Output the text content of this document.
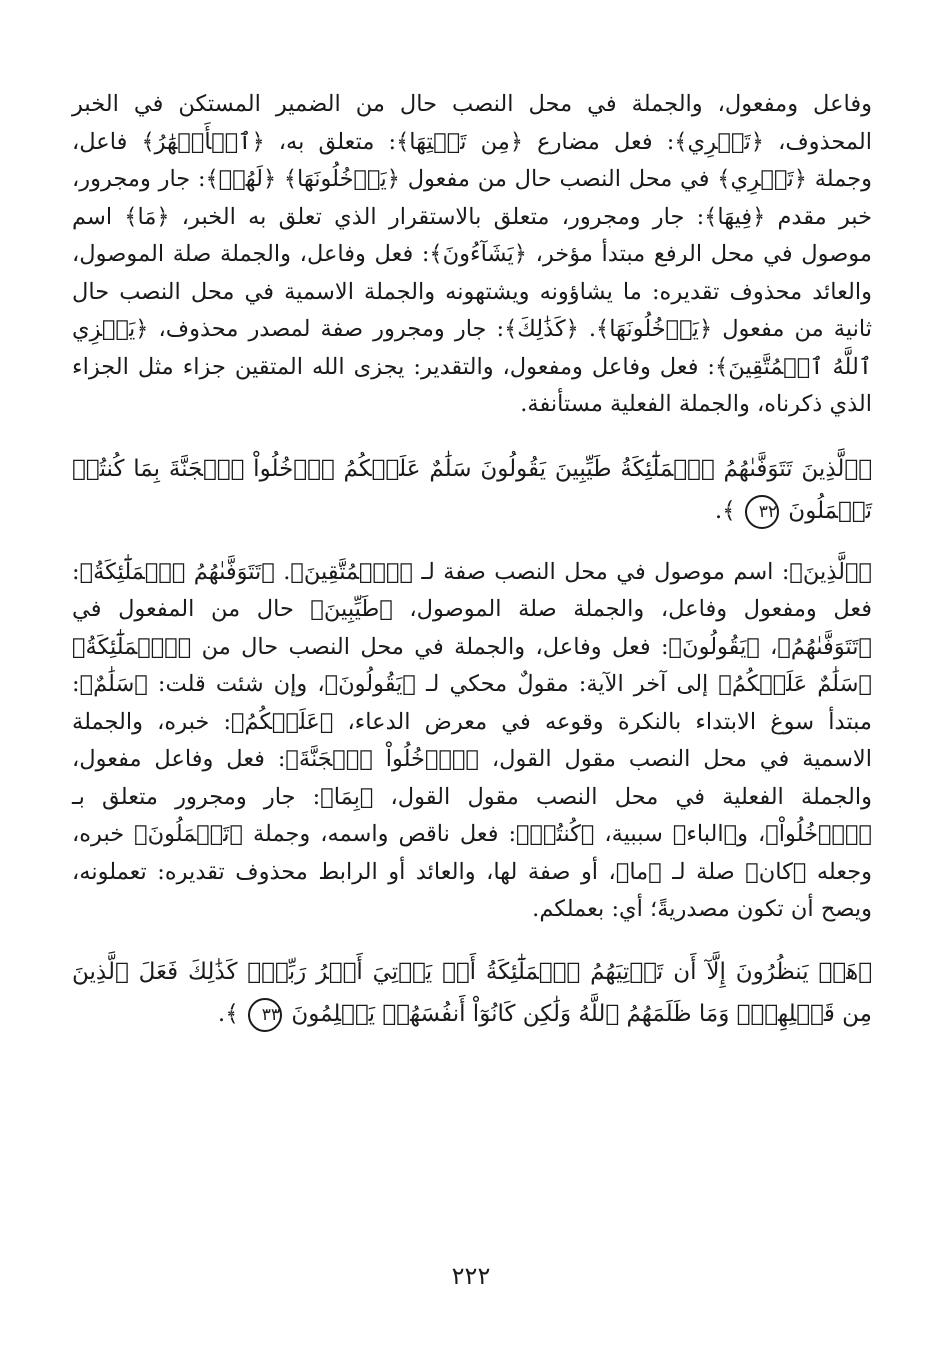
وفاعل ومفعول، والجملة في محل النصب حال من الضمير المستكن في الخبر المحذوف، ﴿تَجۡرِي﴾: فعل مضارع ﴿مِن تَحۡتِهَا﴾: متعلق به، ﴿ٱلۡأَنۡهَٰرُ﴾ فاعل، وجملة ﴿تَجۡرِي﴾ في محل النصب حال من مفعول ﴿يَدۡخُلُونَهَا﴾ ﴿لَهُمۡ﴾: جار ومجرور، خبر مقدم ﴿فِيهَا﴾: جار ومجرور، متعلق بالاستقرار الذي تعلق به الخبر، ﴿مَا﴾ اسم موصول في محل الرفع مبتدأ مؤخر، ﴿يَشَآءُونَ﴾: فعل وفاعل، والجملة صلة الموصول، والعائد محذوف تقديره: ما يشاؤونه ويشتهونه والجملة الاسمية في محل النصب حال ثانية من مفعول ﴿يَدۡخُلُونَهَا﴾. ﴿كَذَٰلِكَ﴾: جار ومجرور صفة لمصدر محذوف، ﴿يَجۡزِي ٱللَّهُ ٱلۡمُتَّقِينَ﴾: فعل وفاعل ومفعول، والتقدير: يجزى الله المتقين جزاء مثل الجزاء الذي ذكرناه، والجملة الفعلية مستأنفة.

﴿ٱلَّذِينَ تَتَوَفَّىٰهُمُ ٱلۡمَلَٰٓئِكَةُ طَيِّبِينَ يَقُولُونَ سَلَٰمٌ عَلَيۡكُمُ ٱدۡخُلُواْ ٱلۡجَنَّةَ بِمَا كُنتُمۡ تَعۡمَلُونَ ٣٢ ﴾.

﴿ٱلَّذِينَ﴾: اسم موصول في محل النصب صفة لـ ﴿ٱلۡمُتَّقِينَ﴾. ﴿تَتَوَفَّىٰهُمُ ٱلۡمَلَٰٓئِكَةُ﴾: فعل ومفعول وفاعل، والجملة صلة الموصول، ﴿طَيِّبِينَ﴾ حال من المفعول في ﴿تَتَوَفَّىٰهُمُ﴾، ﴿يَقُولُونَ﴾: فعل وفاعل، والجملة في محل النصب حال من ﴿ٱلۡمَلَٰٓئِكَةُ﴾ ﴿سَلَٰمٌ عَلَيۡكُمُ﴾ إلى آخر الآية: مقولٌ محكي لـ ﴿يَقُولُونَ﴾، وإن شئت قلت: ﴿سَلَٰمٌ﴾: مبتدأ سوغ الابتداء بالنكرة وقوعه في معرض الدعاء، ﴿عَلَيۡكُمُ﴾: خبره، والجملة الاسمية في محل النصب مقول القول، ﴿ٱدۡخُلُواْ ٱلۡجَنَّةَ﴾: فعل وفاعل مفعول، والجملة الفعلية في محل النصب مقول القول، ﴿بِمَا﴾: جار ومجرور متعلق بـ ﴿ٱدۡخُلُواْ﴾، و﴿الباء﴾ سببية، ﴿كُنتُمۡ﴾: فعل ناقص واسمه، وجملة ﴿تَعۡمَلُونَ﴾ خبره، وجعله ﴿كان﴾ صلة لـ ﴿ما﴾، أو صفة لها، والعائد أو الرابط محذوف تقديره: تعملونه، ويصح أن تكون مصدريةً؛ أي: بعملكم.

﴿هَلۡ يَنظُرُونَ إِلَّآ أَن تَأۡتِيَهُمُ ٱلۡمَلَٰٓئِكَةُ أَوۡ يَأۡتِيَ أَمۡرُ رَبِّكَۚ كَذَٰلِكَ فَعَلَ ٱلَّذِينَ مِن قَبۡلِهِمۡۚ وَمَا ظَلَمَهُمُ ٱللَّهُ وَلَٰكِن كَانُوٓاْ أَنفُسَهُمۡ يَظۡلِمُونَ ٣٣ ﴾.

٢٢٢
